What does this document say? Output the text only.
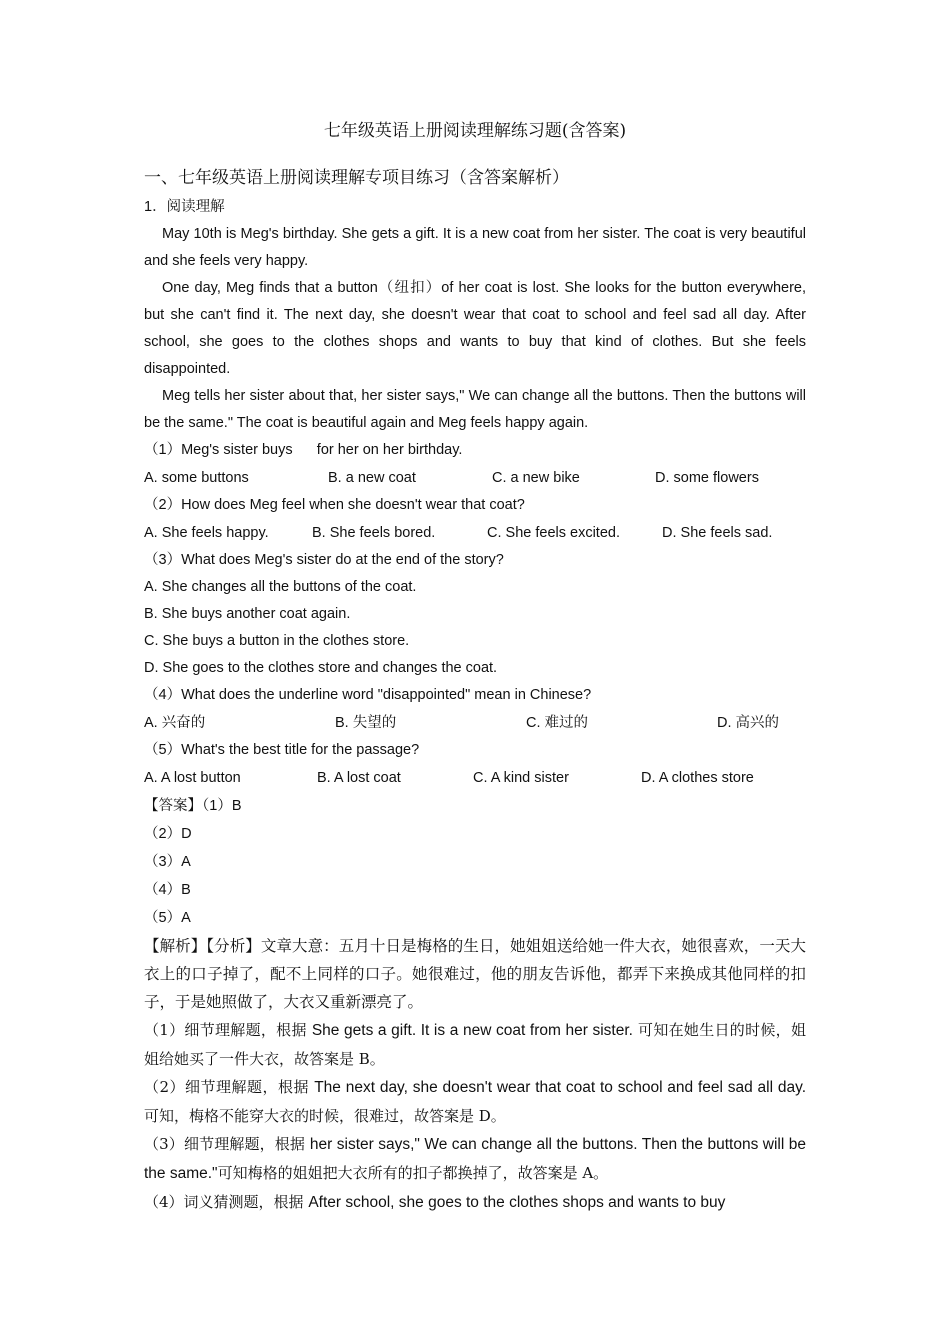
七年级英语上册阅读理解练习题(含答案)
一、七年级英语上册阅读理解专项目练习（含答案解析）
1．阅读理解

May 10th is Meg's birthday. She gets a gift. It is a new coat from her sister. The coat is very beautiful and she feels very happy.

One day, Meg finds that a button（纽扣）of her coat is lost. She looks for the button everywhere, but she can't find it. The next day, she doesn't wear that coat to school and feel sad all day. After school, she goes to the clothes shops and wants to buy that kind of clothes. But she feels disappointed.

Meg tells her sister about that, her sister says," We can change all the buttons. Then the buttons will be the same." The coat is beautiful again and Meg feels happy again.

（1）Meg's sister buys      for her on her birthday.
A. some buttons	B. a new coat	C. a new bike	D. some flowers
（2）How does Meg feel when she doesn't wear that coat?
A. She feels happy.	B. She feels bored.	C. She feels excited.	D. She feels sad.
（3）What does Meg's sister do at the end of the story?
A. She changes all the buttons of the coat.
B. She buys another coat again.
C. She buys a button in the clothes store.
D. She goes to the clothes store and changes the coat.
（4）What does the underline word "disappointed" mean in Chinese?
A. 兴奋的	B. 失望的	C. 难过的	D. 高兴的
（5）What's the best title for the passage?
A. A lost button	B. A lost coat	C. A kind sister	D. A clothes store
【答案】（1）B
（2）D
（3）A
（4）B
（5）A

【解析】【分析】文章大意：五月十日是梅格的生日，她姐姐送给她一件大衣，她很喜欢，一天大衣上的口子掉了，配不上同样的口子。她很难过，他的朋友告诉他，都弄下来换成其他同样的扣子，于是她照做了，大衣又重新漂亮了。

（1）细节理解题，根据 She gets a gift. It is a new coat from her sister. 可知在她生日的时候，姐姐给她买了一件大衣，故答案是 B。

（2）细节理解题，根据 The next day, she doesn't wear that coat to school and feel sad all day. 可知，梅格不能穿大衣的时候，很难过，故答案是 D。

（3）细节理解题，根据 her sister says," We can change all the buttons. Then the buttons will be the same."可知梅格的姐姐把大衣所有的扣子都换掉了，故答案是 A。

（4）词义猜测题，根据 After school, she goes to the clothes shops and wants to buy
